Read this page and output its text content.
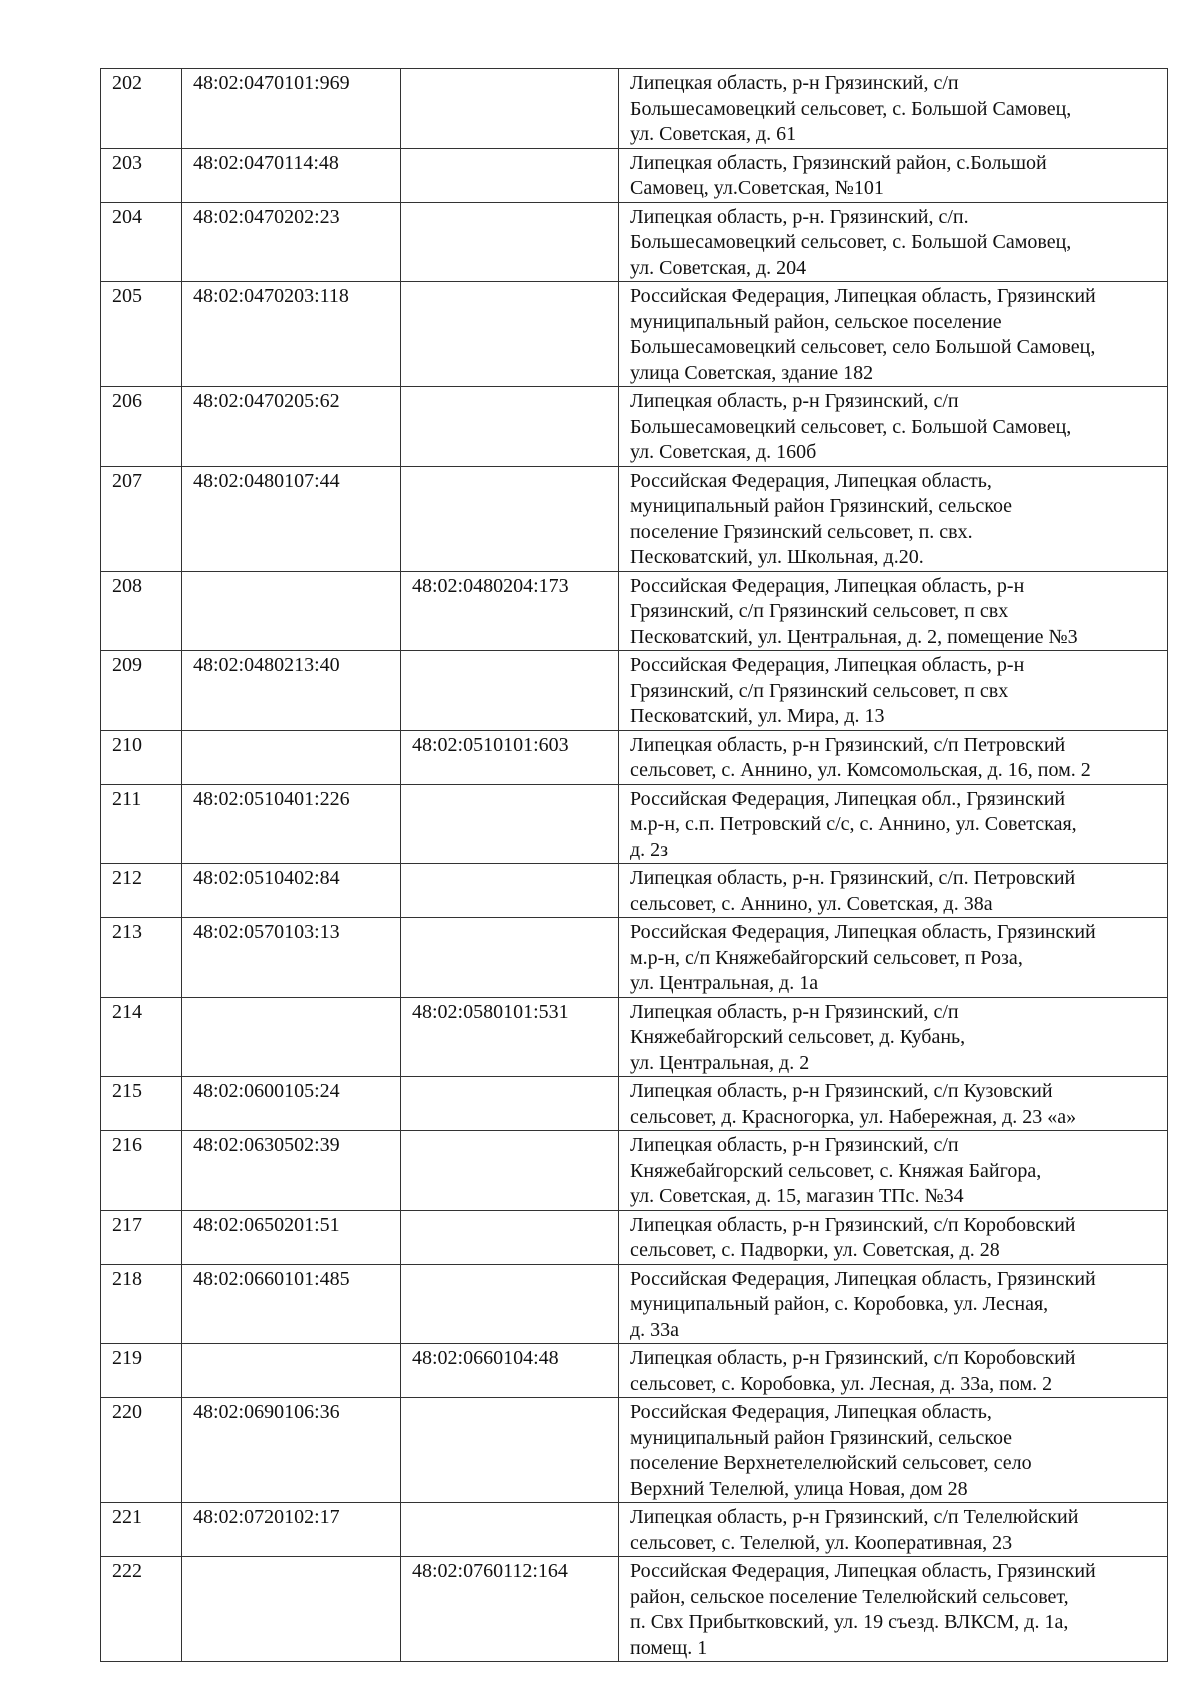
202	48:02:0470101:969		Липецкая область, р-н Грязинский, с/п
Большесамовецкий сельсовет, с. Большой Самовец,
ул. Советская, д. 61
203	48:02:0470114:48		Липецкая область, Грязинский район, с.Большой
Самовец, ул.Советская, №101
204	48:02:0470202:23		Липецкая область, р-н. Грязинский, с/п.
Большесамовецкий сельсовет, с. Большой Самовец,
ул. Советская, д. 204
205	48:02:0470203:118		Российская Федерация, Липецкая область, Грязинский
муниципальный район, сельское поселение
Большесамовецкий сельсовет, село Большой Самовец,
улица Советская, здание 182
206	48:02:0470205:62		Липецкая область, р-н Грязинский, с/п
Большесамовецкий сельсовет, с. Большой Самовец,
ул. Советская, д. 160б
207	48:02:0480107:44		Российская Федерация, Липецкая область,
муниципальный район Грязинский, сельское
поселение Грязинский сельсовет, п. свх.
Песковатский, ул. Школьная, д.20.
208		48:02:0480204:173	Российская Федерация, Липецкая область, р-н
Грязинский, с/п Грязинский сельсовет, п свх
Песковатский, ул. Центральная, д. 2, помещение №3
209	48:02:0480213:40		Российская Федерация, Липецкая область, р-н
Грязинский, с/п Грязинский сельсовет, п свх
Песковатский, ул. Мира, д. 13
210		48:02:0510101:603	Липецкая область, р-н Грязинский, с/п Петровский
сельсовет, с. Аннино, ул. Комсомольская, д. 16, пом. 2
211	48:02:0510401:226		Российская Федерация, Липецкая обл., Грязинский
м.р-н, с.п. Петровский с/с, с. Аннино, ул. Советская,
д. 2з
212	48:02:0510402:84		Липецкая область, р-н. Грязинский, с/п. Петровский
сельсовет, с. Аннино, ул. Советская, д. 38а
213	48:02:0570103:13		Российская Федерация, Липецкая область, Грязинский
м.р-н, с/п Княжебайгорский сельсовет, п Роза,
ул. Центральная, д. 1а
214		48:02:0580101:531	Липецкая область, р-н Грязинский, с/п
Княжебайгорский сельсовет, д. Кубань,
ул. Центральная, д. 2
215	48:02:0600105:24		Липецкая область, р-н Грязинский, с/п Кузовский
сельсовет, д. Красногорка, ул. Набережная, д. 23 «а»
216	48:02:0630502:39		Липецкая область, р-н Грязинский, с/п
Княжебайгорский сельсовет, с. Княжая Байгора,
ул. Советская, д. 15, магазин ТПс. №34
217	48:02:0650201:51		Липецкая область, р-н Грязинский, с/п Коробовский
сельсовет, с. Падворки, ул. Советская, д. 28
218	48:02:0660101:485		Российская Федерация, Липецкая область, Грязинский
муниципальный район, с. Коробовка, ул. Лесная,
д. 33а
219		48:02:0660104:48	Липецкая область, р-н Грязинский, с/п Коробовский
сельсовет, с. Коробовка, ул. Лесная, д. 33а, пом. 2
220	48:02:0690106:36		Российская Федерация, Липецкая область,
муниципальный район Грязинский, сельское
поселение Верхнетелелюйский сельсовет, село
Верхний Телелюй, улица Новая, дом 28
221	48:02:0720102:17		Липецкая область, р-н Грязинский, с/п Телелюйский
сельсовет, с. Телелюй, ул. Кооперативная, 23
222		48:02:0760112:164	Российская Федерация, Липецкая область, Грязинский
район, сельское поселение Телелюйский сельсовет,
п. Свх Прибытковский, ул. 19 съезд. ВЛКСМ, д. 1а,
помещ. 1
